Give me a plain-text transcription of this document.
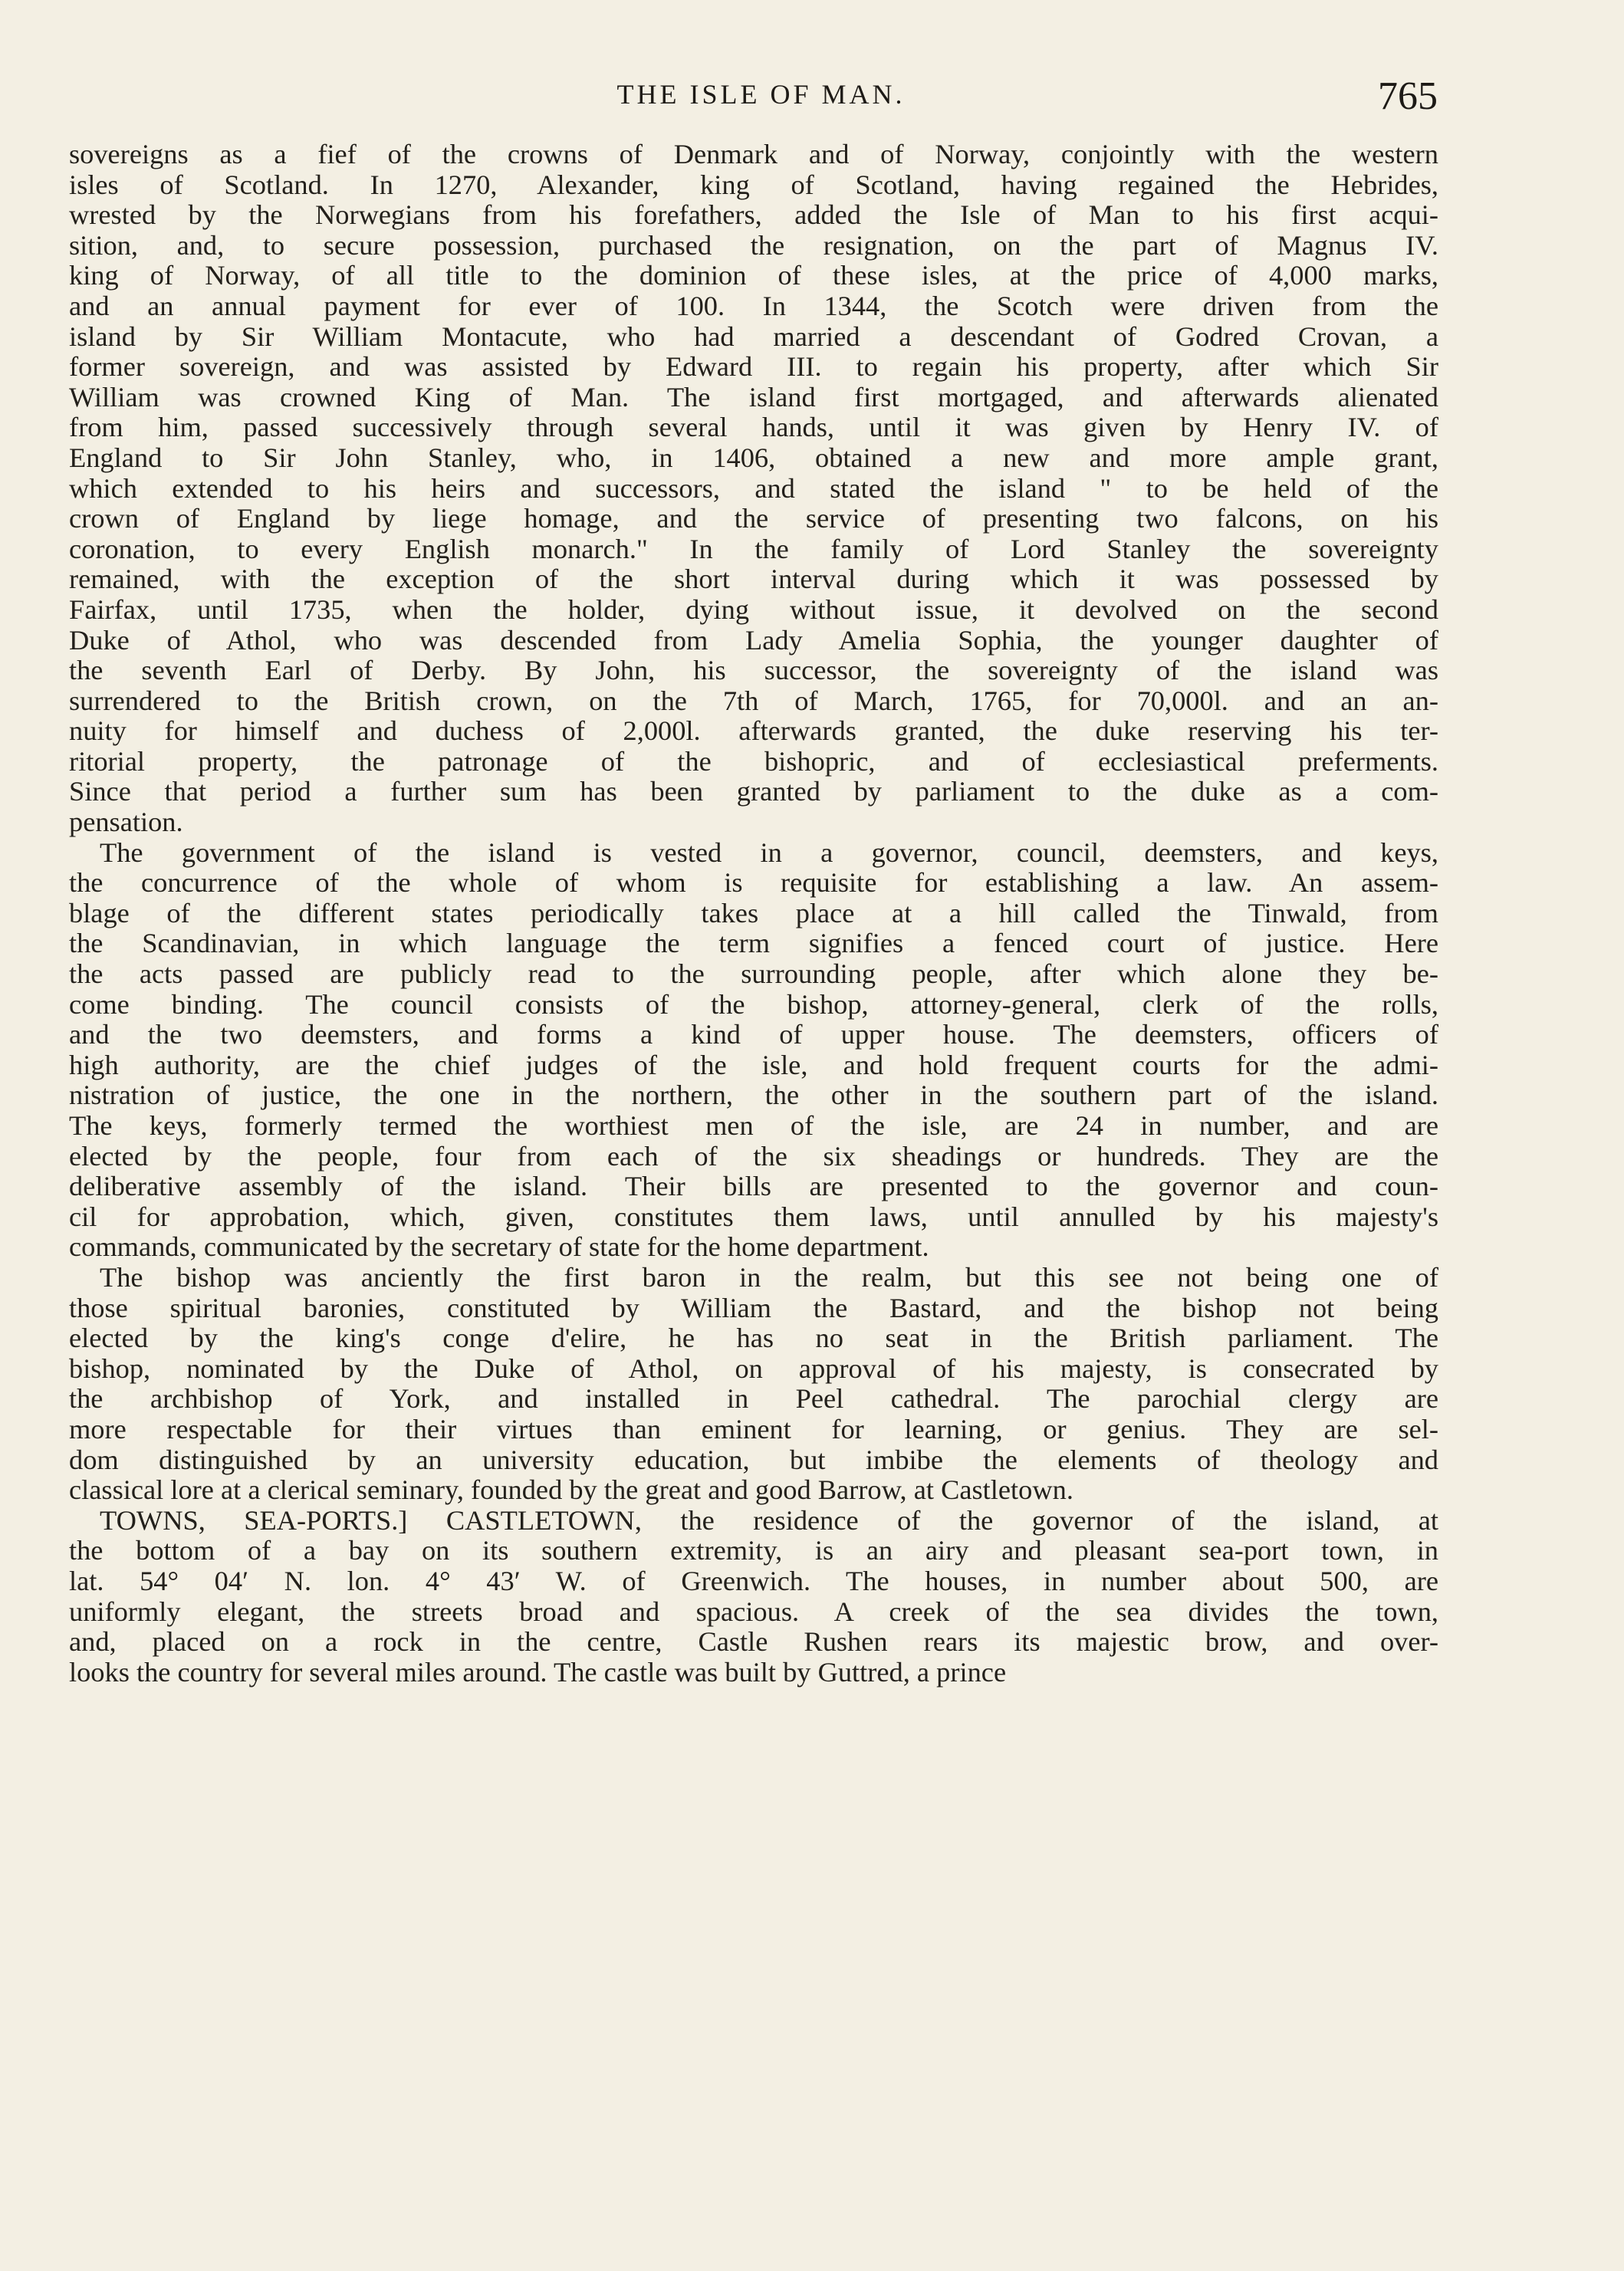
THE ISLE OF MAN.	765
sovereigns as a fief of the crowns of Denmark and of Norway, conjointly with the western
isles of Scotland. In 1270, Alexander, king of Scotland, having regained the Hebrides,
wrested by the Norwegians from his forefathers, added the Isle of Man to his first acqui-
sition, and, to secure possession, purchased the resignation, on the part of Magnus IV.
king of Norway, of all title to the dominion of these isles, at the price of 4,000 marks,
and an annual payment for ever of 100. In 1344, the Scotch were driven from the
island by Sir William Montacute, who had married a descendant of Godred Crovan, a
former sovereign, and was assisted by Edward III. to regain his property, after which Sir
William was crowned King of Man. The island first mortgaged, and afterwards alienated
from him, passed successively through several hands, until it was given by Henry IV. of
England to Sir John Stanley, who, in 1406, obtained a new and more ample grant,
which extended to his heirs and successors, and stated the island " to be held of the
crown of England by liege homage, and the service of presenting two falcons, on his
coronation, to every English monarch." In the family of Lord Stanley the sovereignty
remained, with the exception of the short interval during which it was possessed by
Fairfax, until 1735, when the holder, dying without issue, it devolved on the second
Duke of Athol, who was descended from Lady Amelia Sophia, the younger daughter of
the seventh Earl of Derby. By John, his successor, the sovereignty of the island was
surrendered to the British crown, on the 7th of March, 1765, for 70,000l. and an an-
nuity for himself and duchess of 2,000l. afterwards granted, the duke reserving his ter-
ritorial property, the patronage of the bishopric, and of ecclesiastical preferments.
Since that period a further sum has been granted by parliament to the duke as a com-
pensation.
The government of the island is vested in a governor, council, deemsters, and keys,
the concurrence of the whole of whom is requisite for establishing a law. An assem-
blage of the different states periodically takes place at a hill called the Tinwald, from
the Scandinavian, in which language the term signifies a fenced court of justice. Here
the acts passed are publicly read to the surrounding people, after which alone they be-
come binding. The council consists of the bishop, attorney-general, clerk of the rolls,
and the two deemsters, and forms a kind of upper house. The deemsters, officers of
high authority, are the chief judges of the isle, and hold frequent courts for the admi-
nistration of justice, the one in the northern, the other in the southern part of the island.
The keys, formerly termed the worthiest men of the isle, are 24 in number, and are
elected by the people, four from each of the six sheadings or hundreds. They are the
deliberative assembly of the island. Their bills are presented to the governor and coun-
cil for approbation, which, given, constitutes them laws, until annulled by his majesty's
commands, communicated by the secretary of state for the home department.
The bishop was anciently the first baron in the realm, but this see not being one of
those spiritual baronies, constituted by William the Bastard, and the bishop not being
elected by the king's conge d'elire, he has no seat in the British parliament. The
bishop, nominated by the Duke of Athol, on approval of his majesty, is consecrated by
the archbishop of York, and installed in Peel cathedral. The parochial clergy are
more respectable for their virtues than eminent for learning, or genius. They are sel-
dom distinguished by an university education, but imbibe the elements of theology and
classical lore at a clerical seminary, founded by the great and good Barrow, at Castletown.
TOWNS, SEA-PORTS.] CASTLETOWN, the residence of the governor of the island, at
the bottom of a bay on its southern extremity, is an airy and pleasant sea-port town, in
lat. 54° 04′ N. lon. 4° 43′ W. of Greenwich. The houses, in number about 500, are
uniformly elegant, the streets broad and spacious. A creek of the sea divides the town,
and, placed on a rock in the centre, Castle Rushen rears its majestic brow, and over-
looks the country for several miles around. The castle was built by Guttred, a prince
